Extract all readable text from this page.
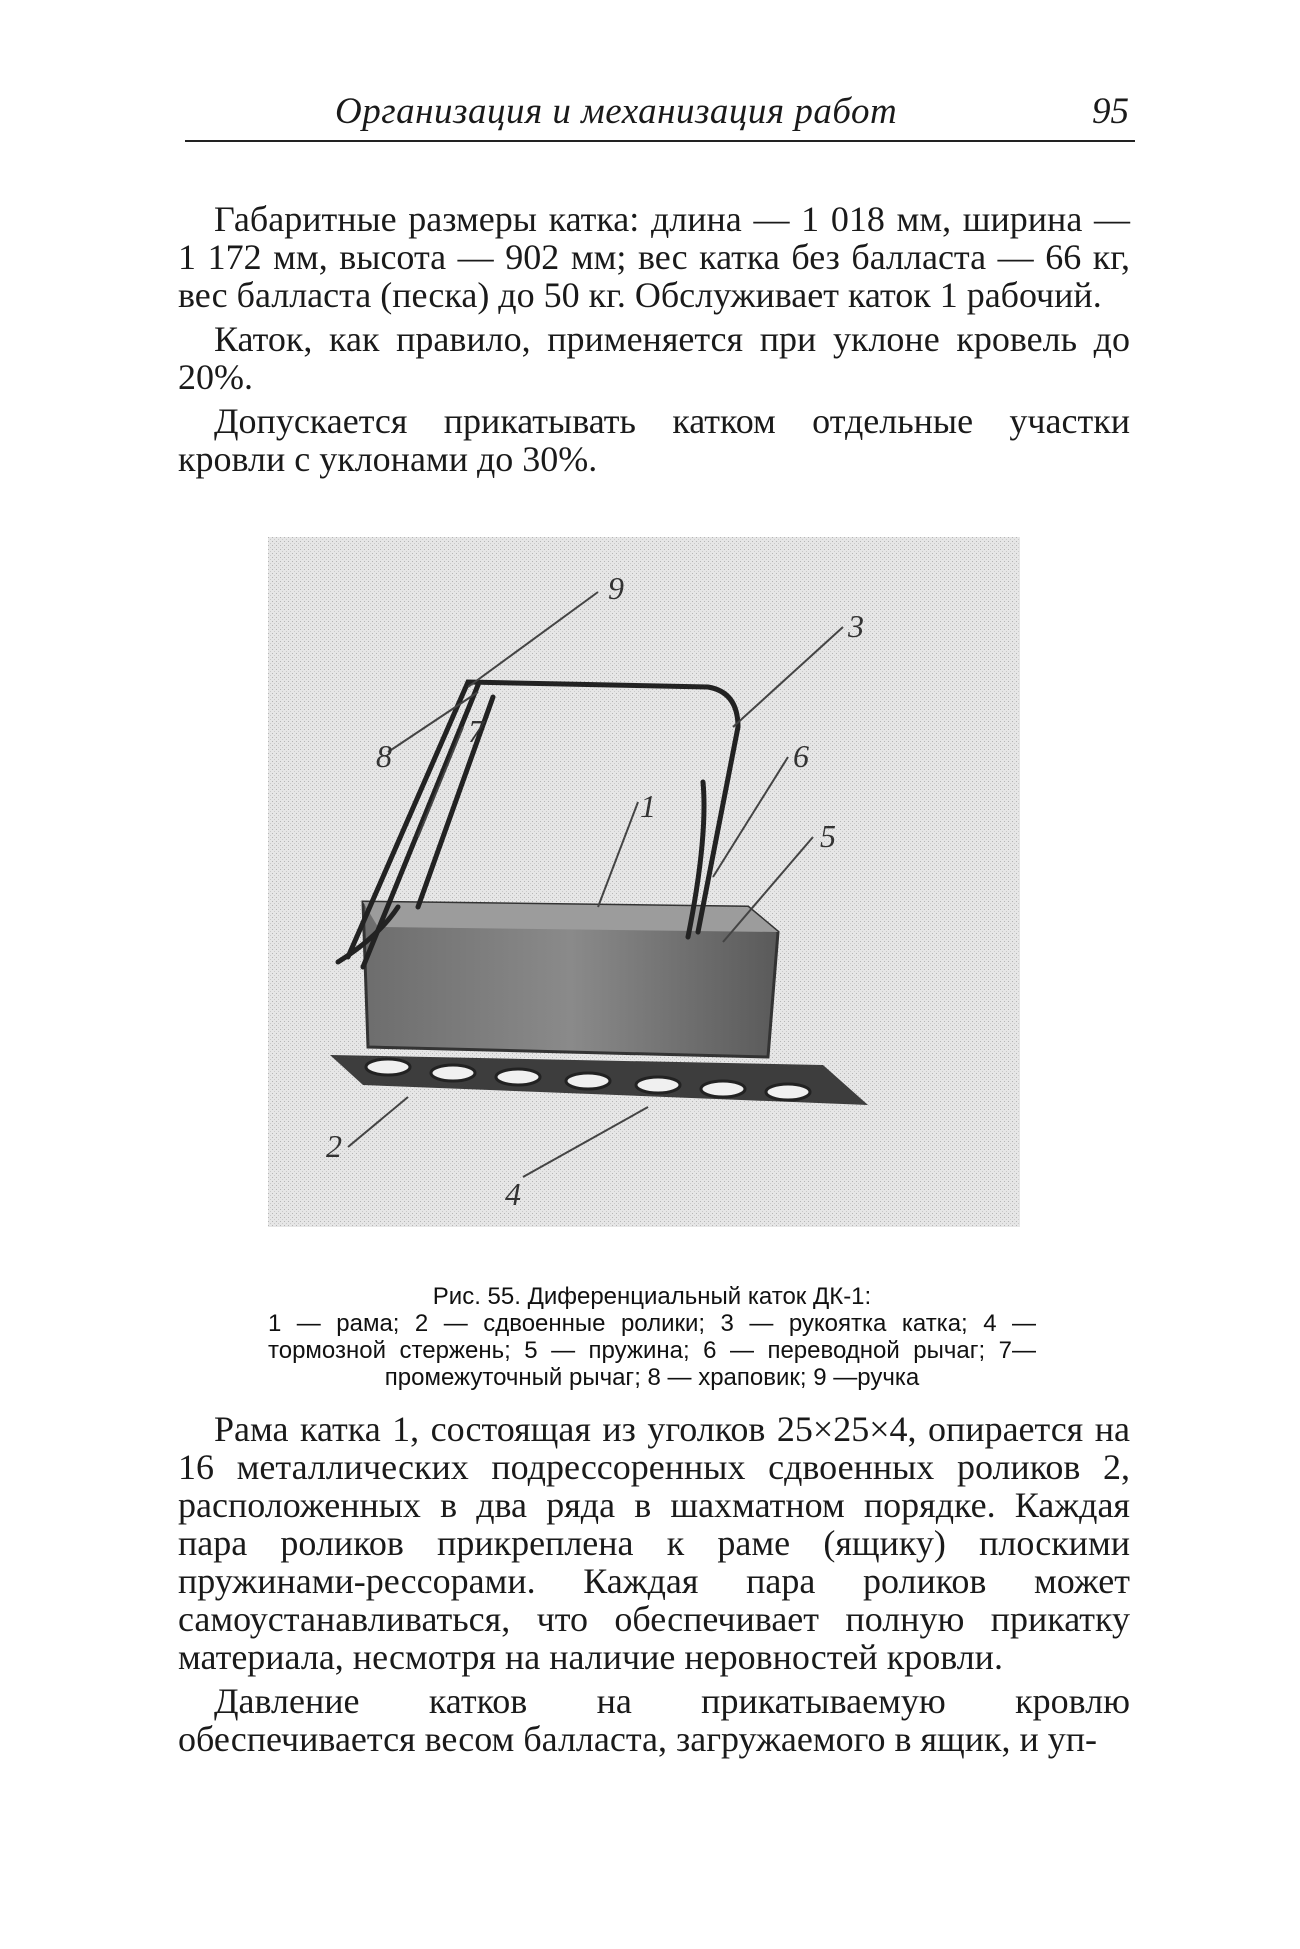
Организация и механизация работ	95

Габаритные размеры катка: длина — 1 018 мм, ширина — 1 172 мм, высота — 902 мм; вес катка без балласта — 66 кг, вес балласта (песка) до 50 кг. Обслуживает каток 1 рабочий.

Каток, как правило, применяется при уклоне кровель до 20%.

Допускается прикатывать катком отдельные участки кровли с уклонами до 30%.

9
3
6
5
1
7
8
2
4
Рис. 55. Диференциальный каток ДК-1:
1 — рама; 2 — сдвоенные ролики; 3 — рукоятка катка; 4 — тормозной стержень; 5 — пружина; 6 — переводной рычаг; 7—промежуточный рычаг; 8 — храповик; 9 —ручка

Рама катка 1, состоящая из уголков 25×25×4, опирается на 16 металлических подрессоренных сдвоенных роликов 2, расположенных в два ряда в шахматном порядке. Каждая пара роликов прикреплена к раме (ящику) плоскими пружинами-рессорами. Каждая пара роликов может самоустанавливаться, что обеспечивает полную прикатку материала, несмотря на наличие неровностей кровли.

Давление катков на прикатываемую кровлю обеспечивается весом балласта, загружаемого в ящик, и уп-
